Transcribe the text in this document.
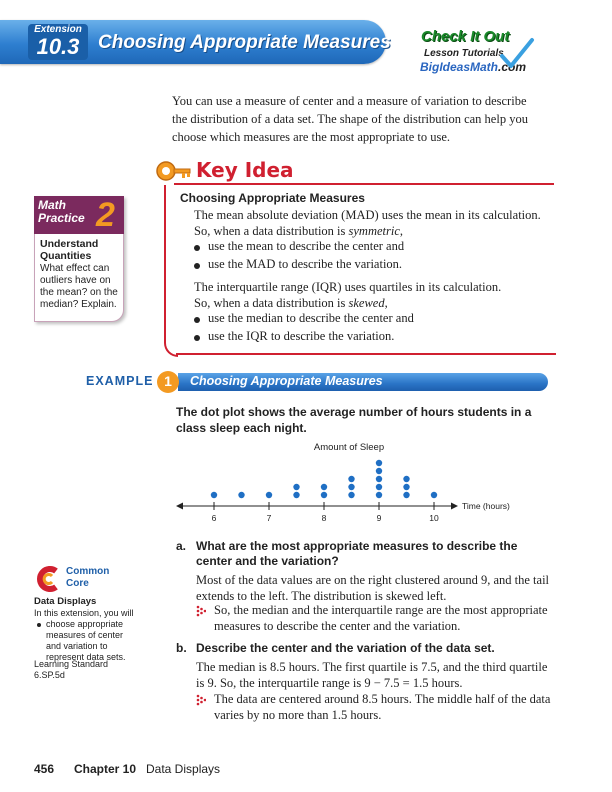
Extension
10.3 Choosing Appropriate Measures Check It Out
Lesson Tutorials
BigIdeasMath.com
You can use a measure of center and a measure of variation to describe the distribution of a data set. The shape of the distribution can help you choose which measures are the most appropriate to use.
Key Idea
Choosing Appropriate Measures
The mean absolute deviation (MAD) uses the mean in its calculation.
So, when a data distribution is symmetric,
use the mean to describe the center and
use the MAD to describe the variation.
The interquartile range (IQR) uses quartiles in its calculation.
So, when a data distribution is skewed,
use the median to describe the center and
use the IQR to describe the variation.
Math
Practice 2
Understand Quantities
What effect can outliers have on the mean? on the median? Explain.
EXAMPLE 1	Choosing Appropriate Measures
The dot plot shows the average number of hours students in a class sleep each night.
Amount of Sleep
6	7	8	9	10
Time (hours)
a. What are the most appropriate measures to describe the center and the variation?
Most of the data values are on the right clustered around 9, and the tail extends to the left. The distribution is skewed left.
So, the median and the interquartile range are the most appropriate measures to describe the center and the variation.
b. Describe the center and the variation of the data set.
The median is 8.5 hours. The first quartile is 7.5, and the third quartile is 9. So, the interquartile range is 9 − 7.5 = 1.5 hours.
The data are centered around 8.5 hours. The middle half of the data varies by no more than 1.5 hours.
Common
Core
Data Displays
In this extension, you will
choose appropriate measures of center and variation to represent data sets.
Learning Standard
6.SP.5d
456 Chapter 10 Data Displays
